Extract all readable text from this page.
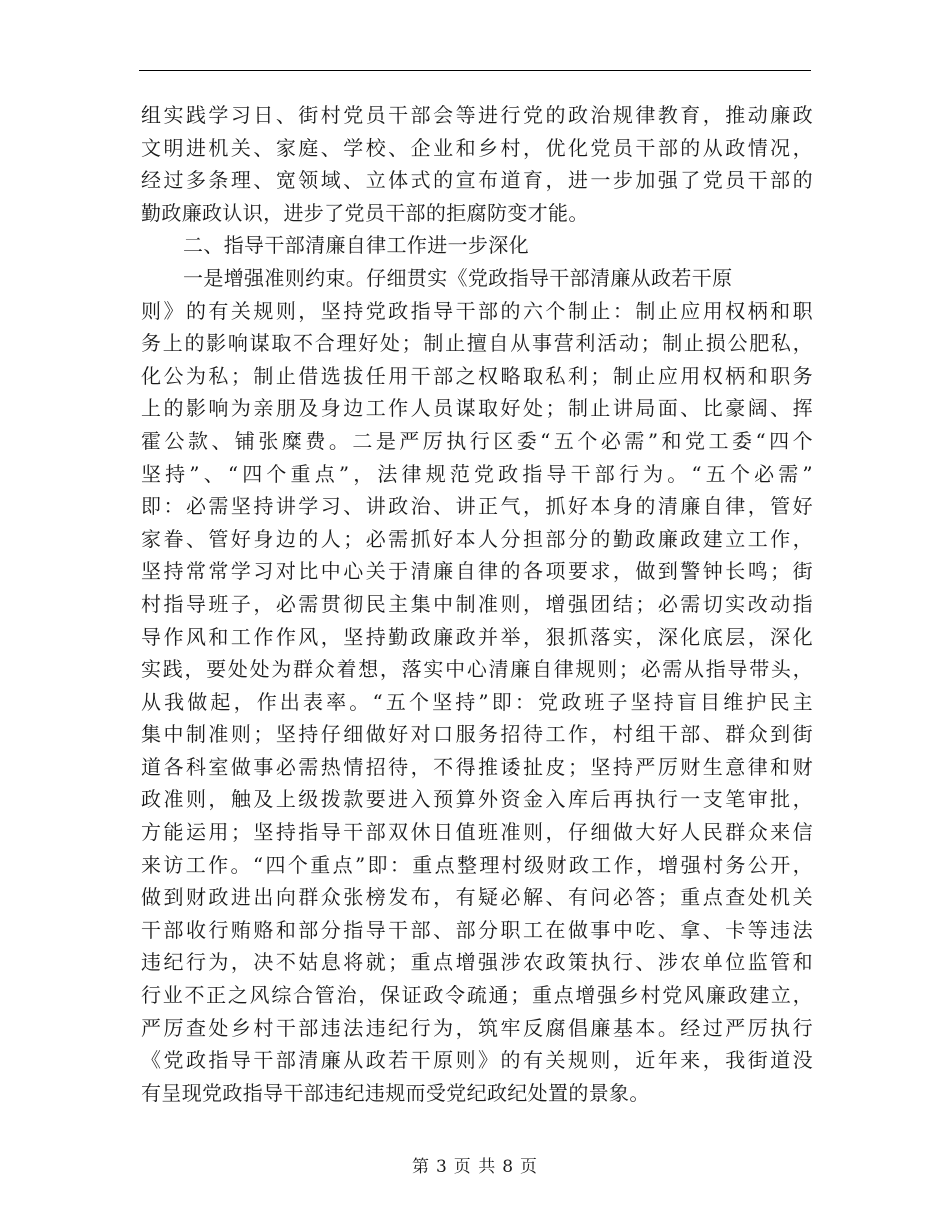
组实践学习日、街村党员干部会等进行党的政治规律教育，推动廉政
文明进机关、家庭、学校、企业和乡村，优化党员干部的从政情况，
经过多条理、宽领域、立体式的宣布道育，进一步加强了党员干部的
勤政廉政认识，进步了党员干部的拒腐防变才能。
二、指导干部清廉自律工作进一步深化
一是增强准则约束。仔细贯实《党政指导干部清廉从政若干原
则》的有关规则，坚持党政指导干部的六个制止：制止应用权柄和职
务上的影响谋取不合理好处；制止擅自从事营利活动；制止损公肥私，
化公为私；制止借选拔任用干部之权略取私利；制止应用权柄和职务
上的影响为亲朋及身边工作人员谋取好处；制止讲局面、比豪阔、挥
霍公款、铺张糜费。二是严厉执行区委“五个必需”和党工委“四个
坚持”、“四个重点”，法律规范党政指导干部行为。“五个必需”
即：必需坚持讲学习、讲政治、讲正气，抓好本身的清廉自律，管好
家眷、管好身边的人；必需抓好本人分担部分的勤政廉政建立工作，
坚持常常学习对比中心关于清廉自律的各项要求，做到警钟长鸣；街
村指导班子，必需贯彻民主集中制准则，增强团结；必需切实改动指
导作风和工作作风，坚持勤政廉政并举，狠抓落实，深化底层，深化
实践，要处处为群众着想，落实中心清廉自律规则；必需从指导带头，
从我做起，作出表率。“五个坚持”即：党政班子坚持盲目维护民主
集中制准则；坚持仔细做好对口服务招待工作，村组干部、群众到街
道各科室做事必需热情招待，不得推诿扯皮；坚持严厉财生意律和财
政准则，触及上级拨款要进入预算外资金入库后再执行一支笔审批，
方能运用；坚持指导干部双休日值班准则，仔细做大好人民群众来信
来访工作。“四个重点”即：重点整理村级财政工作，增强村务公开，
做到财政进出向群众张榜发布，有疑必解、有问必答；重点查处机关
干部收行贿赂和部分指导干部、部分职工在做事中吃、拿、卡等违法
违纪行为，决不姑息将就；重点增强涉农政策执行、涉农单位监管和
行业不正之风综合管治，保证政令疏通；重点增强乡村党风廉政建立，
严厉查处乡村干部违法违纪行为，筑牢反腐倡廉基本。经过严厉执行
《党政指导干部清廉从政若干原则》的有关规则，近年来，我街道没
有呈现党政指导干部违纪违规而受党纪政纪处置的景象。
第 3 页 共 8 页
